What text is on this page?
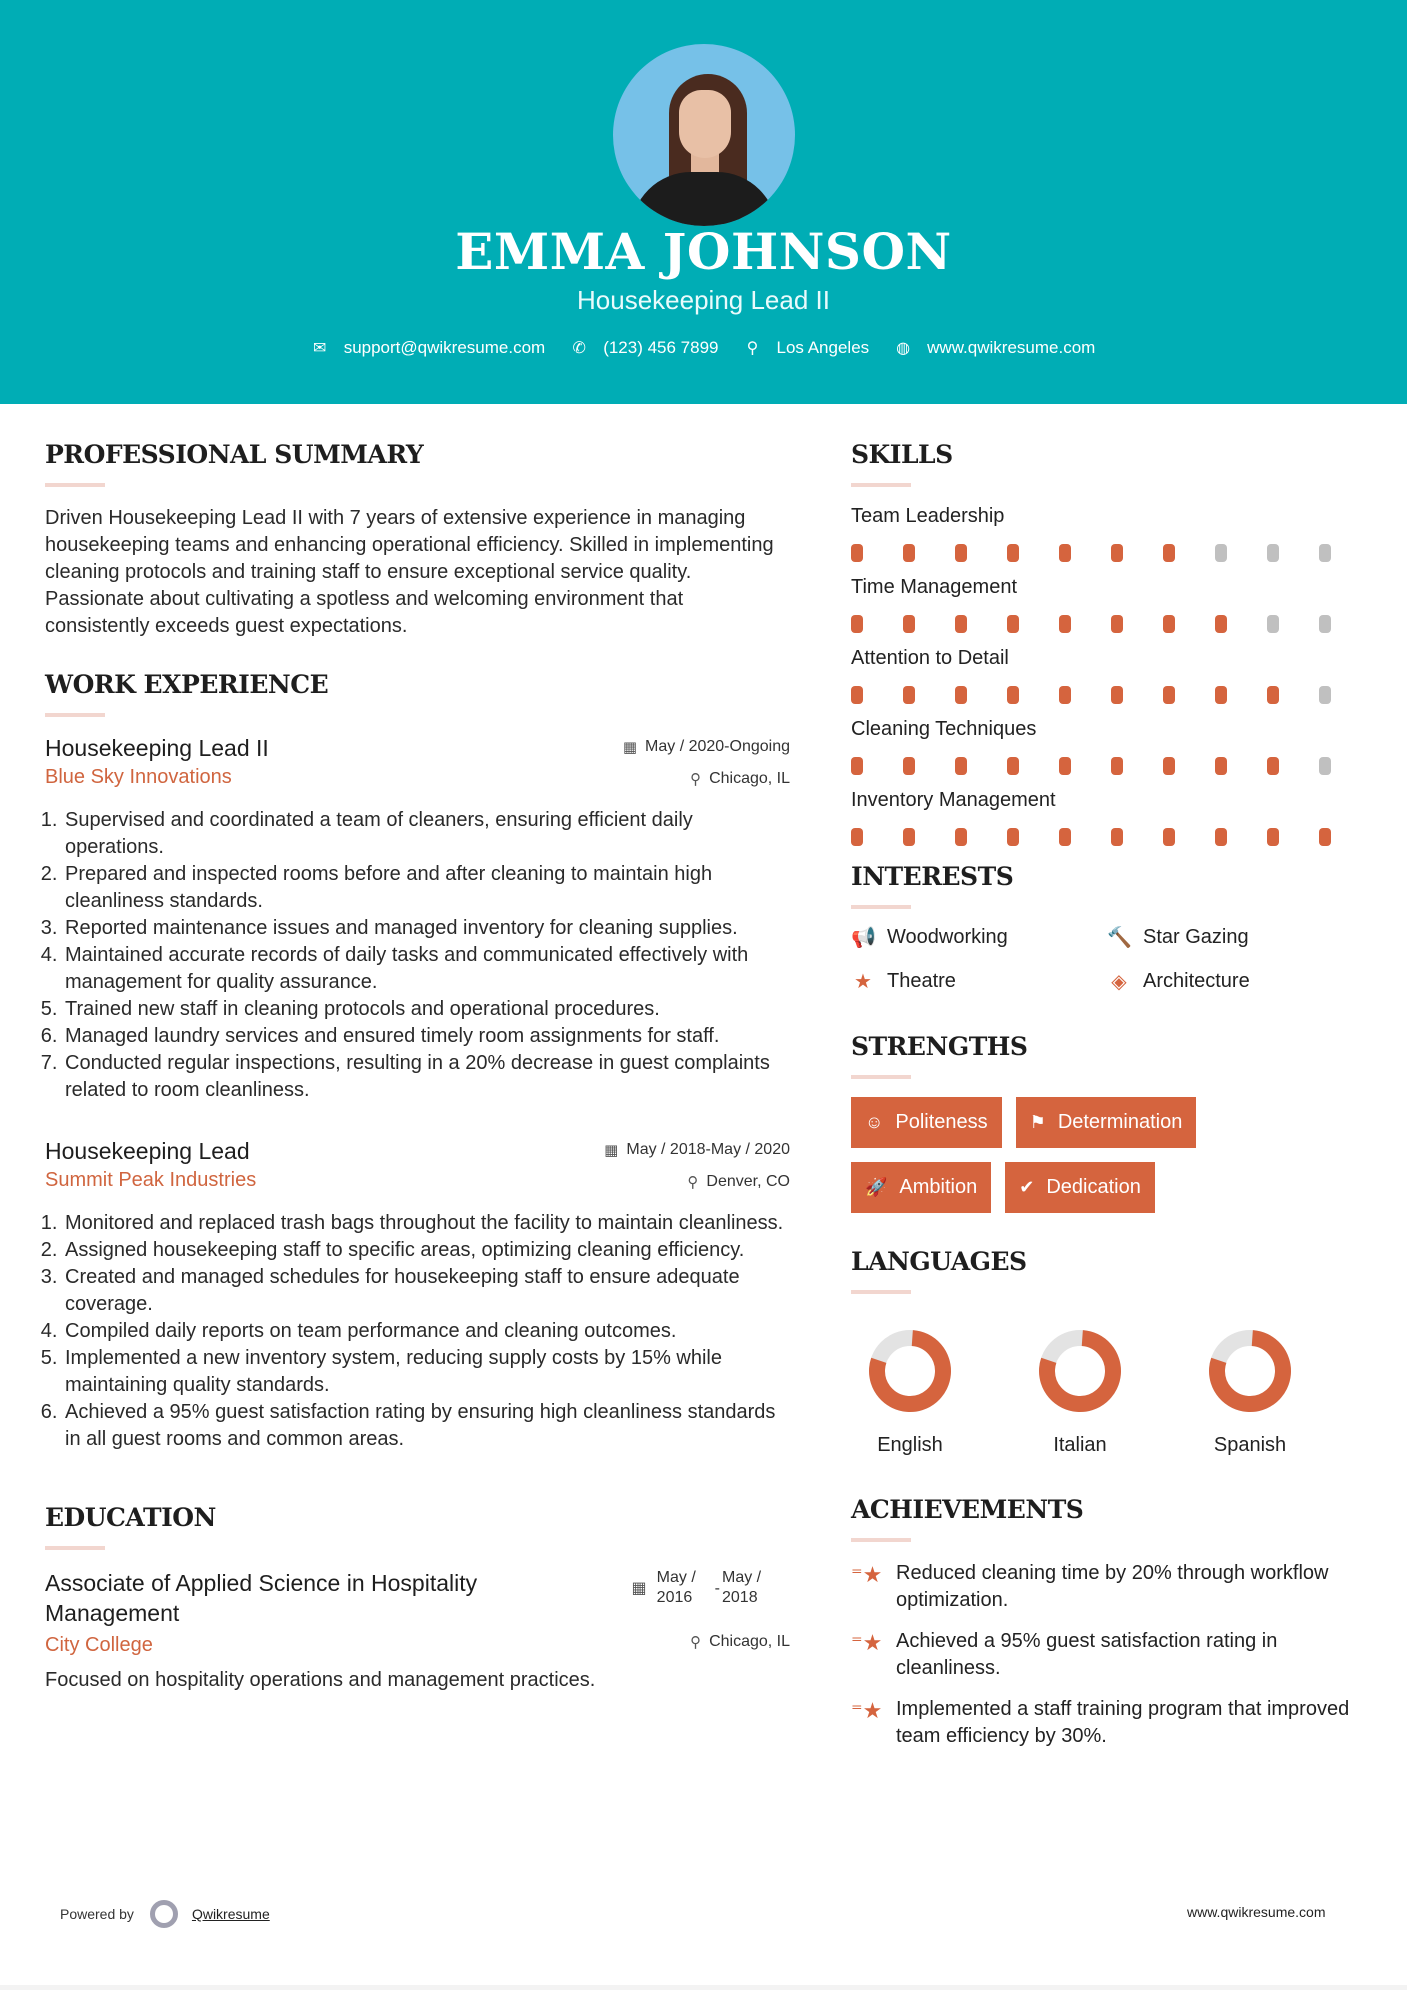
EMMA JOHNSON
Housekeeping Lead II
✉ support@qwikresume.com ✆ (123) 456 7899 ⚲ Los Angeles ◍ www.qwikresume.com
PROFESSIONAL SUMMARY

Driven Housekeeping Lead II with 7 years of extensive experience in managing housekeeping teams and enhancing operational efficiency. Skilled in implementing cleaning protocols and training staff to ensure exceptional service quality. Passionate about cultivating a spotless and welcoming environment that consistently exceeds guest expectations.

WORK EXPERIENCE
Housekeeping Lead II
Blue Sky Innovations
▦ May / 2020-Ongoing
⚲ Chicago, IL
1. Supervised and coordinated a team of cleaners, ensuring efficient daily operations.
2. Prepared and inspected rooms before and after cleaning to maintain high cleanliness standards.
3. Reported maintenance issues and managed inventory for cleaning supplies.
4. Maintained accurate records of daily tasks and communicated effectively with management for quality assurance.
5. Trained new staff in cleaning protocols and operational procedures.
6. Managed laundry services and ensured timely room assignments for staff.
7. Conducted regular inspections, resulting in a 20% decrease in guest complaints related to room cleanliness.
Housekeeping Lead
Summit Peak Industries
▦ May / 2018-May / 2020
⚲ Denver, CO
1. Monitored and replaced trash bags throughout the facility to maintain cleanliness.
2. Assigned housekeeping staff to specific areas, optimizing cleaning efficiency.
3. Created and managed schedules for housekeeping staff to ensure adequate coverage.
4. Compiled daily reports on team performance and cleaning outcomes.
5. Implemented a new inventory system, reducing supply costs by 15% while maintaining quality standards.
6. Achieved a 95% guest satisfaction rating by ensuring high cleanliness standards in all guest rooms and common areas.
EDUCATION
Associate of Applied Science in Hospitality Management
▦
May / 2016
-
May / 2018
City College	⚲ Chicago, IL

Focused on hospitality operations and management practices.

SKILLS
Team Leadership
Time Management
Attention to Detail
Cleaning Techniques
Inventory Management
INTERESTS
📢 Woodworking	🔨 Star Gazing
★ Theatre	◈ Architecture
STRENGTHS
☺ Politeness ⚑ Determination
🚀 Ambition ✔ Dedication
LANGUAGES
English	Italian	Spanish
ACHIEVEMENTS
⁼★ Reduced cleaning time by 20% through workflow optimization.
⁼★ Achieved a 95% guest satisfaction rating in cleanliness.
⁼★ Implemented a staff training program that improved team efficiency by 30%.
Powered by	Qwikresume	www.qwikresume.com
